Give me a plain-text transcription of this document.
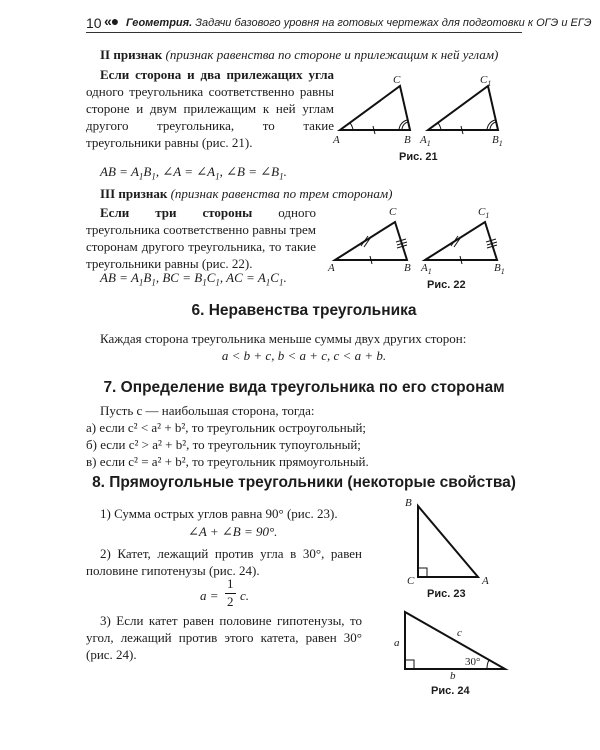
10 «● Геометрия. Задачи базового уровня на готовых чертежах для подготовки к ОГЭ и ЕГЭ
II признак (признак равенства по стороне и прилежащим к ней углам)
Если сторона и два прилежащих угла одного треугольника соответственно равны стороне и двум прилежащим к ней углам другого треугольника, то такие треугольники равны (рис. 21).
AB = $A_1B_1$, ∠A = $\angle A_1$, ∠B = $\angle B_1$.
A	B
C
$A_1$	$B_1$
$C_1$
Рис. 21
III признак (признак равенства по трем сторонам)
Если три стороны одного треугольника соответственно равны трем сторонам другого треугольника, то такие треугольники равны (рис. 22).
AB = $A_1B_1$, BC = $B_1C_1$, AC = $A_1C_1$.
A	B
C
$A_1$	$B_1$
$C_1$
Рис. 22
6. Неравенства треугольника
Каждая сторона треугольника меньше суммы двух других сторон:
a < b + c, b < a + c, c < a + b.
7. Определение вида треугольника по его сторонам
Пусть c — наибольшая сторона, тогда:
а) если c² < a² + b², то треугольник остроугольный;
б) если c² > a² + b², то треугольник тупоугольный;
в) если c² = a² + b², то треугольник прямоугольный.
8. Прямоугольные треугольники (некоторые свойства)
1) Сумма острых углов равна 90° (рис. 23).
∠A + ∠B = 90°.
2) Катет, лежащий против угла в 30°, равен половине гипотенузы (рис. 24).
a =
1
2 c.
3) Если катет равен половине гипотенузы, то угол, лежащий против этого катета, равен 30° (рис. 24).
B
C	A
Рис. 23
a
c
b
30°
Рис. 24
